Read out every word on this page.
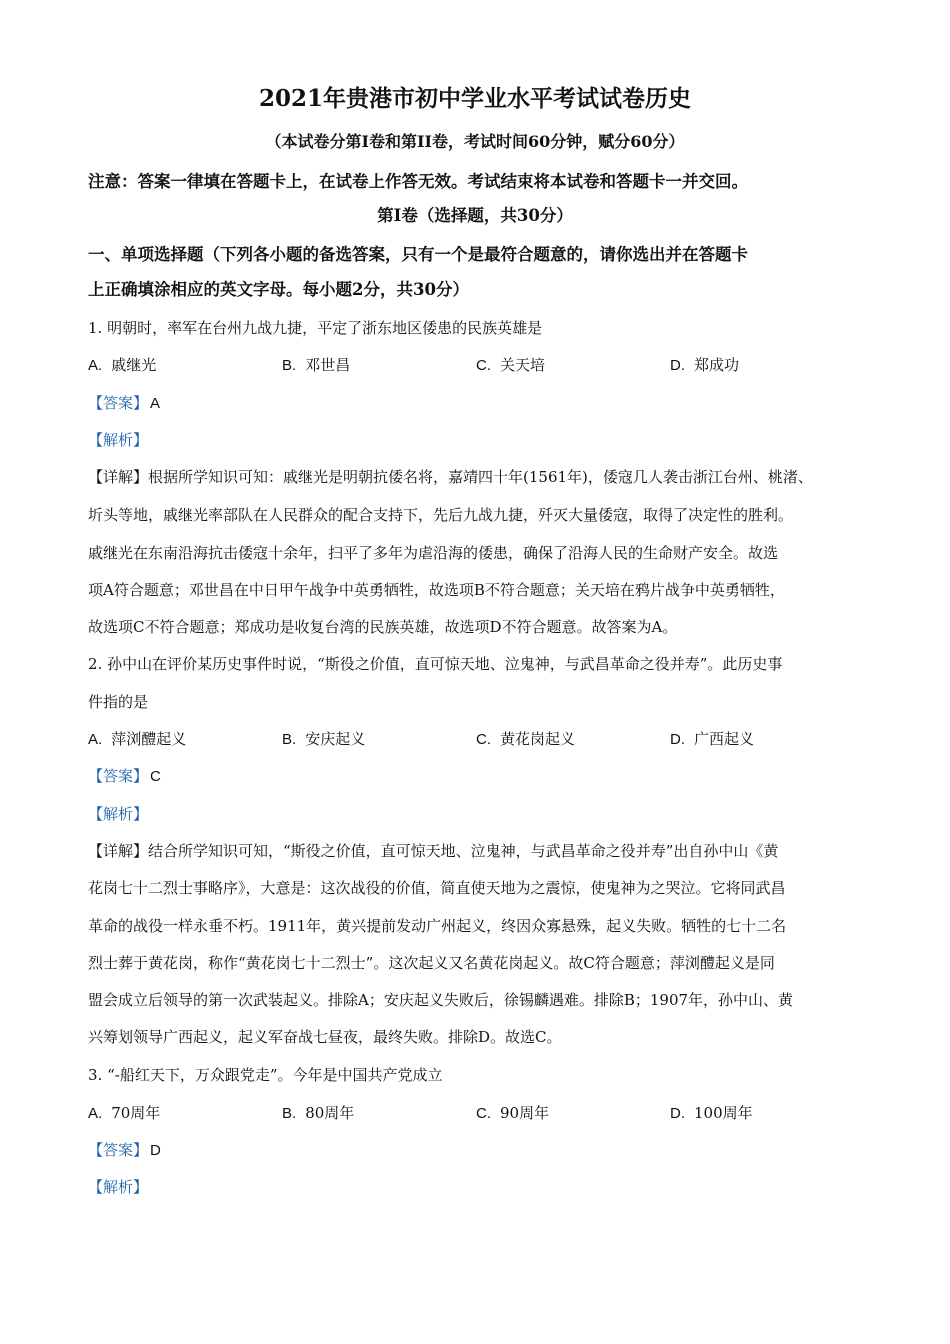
2021年贵港市初中学业水平考试试卷历史
（本试卷分第Ⅰ卷和第II卷，考试时间60分钟，赋分60分）
注意：答案一律填在答题卡上，在试卷上作答无效。考试结束将本试卷和答题卡一并交回。
第Ⅰ卷（选择题，共30分）
一、单项选择题（下列各小题的备选答案，只有一个是最符合题意的，请你选出并在答题卡
上正确填涂相应的英文字母。每小题2分，共30分）
1. 明朝时，率军在台州九战九捷，平定了浙东地区倭患的民族英雄是
A. 戚继光	B. 邓世昌	C. 关天培	D. 郑成功
【答案】 A
【解析】
【详解】根据所学知识可知：戚继光是明朝抗倭名将，嘉靖四十年(1561年)，倭寇几人袭击浙江台州、桃渚、
圻头等地，戚继光率部队在人民群众的配合支持下，先后九战九捷，歼灭大量倭寇，取得了决定性的胜利。
戚继光在东南沿海抗击倭寇十余年，扫平了多年为虐沿海的倭患，确保了沿海人民的生命财产安全。故选
项A符合题意；邓世昌在中日甲午战争中英勇牺牲，故选项B不符合题意；关天培在鸦片战争中英勇牺牲，
故选项C不符合题意；郑成功是收复台湾的民族英雄，故选项D不符合题意。故答案为A。
2. 孙中山在评价某历史事件时说，“斯役之价值，直可惊天地、泣鬼神，与武昌革命之役并寿”。此历史事
件指的是
A. 萍浏醴起义	B. 安庆起义	C. 黄花岗起义	D. 广西起义
【答案】 C
【解析】
【详解】结合所学知识可知，“斯役之价值，直可惊天地、泣鬼神，与武昌革命之役并寿”出自孙中山《黄
花岗七十二烈士事略序》，大意是：这次战役的价值，简直使天地为之震惊，使鬼神为之哭泣。它将同武昌
革命的战役一样永垂不朽。1911年，黄兴提前发动广州起义，终因众寡悬殊，起义失败。牺牲的七十二名
烈士葬于黄花岗，称作“黄花岗七十二烈士”。这次起义又名黄花岗起义。故C符合题意；萍浏醴起义是同
盟会成立后领导的第一次武装起义。排除A；安庆起义失败后，徐锡麟遇难。排除B；1907年，孙中山、黄
兴筹划领导广西起义，起义军奋战七昼夜，最终失败。排除D。故选C。
3. “-船红天下，万众跟党走”。今年是中国共产党成立
A. 70周年	B. 80周年	C. 90周年	D. 100周年
【答案】 D
【解析】
